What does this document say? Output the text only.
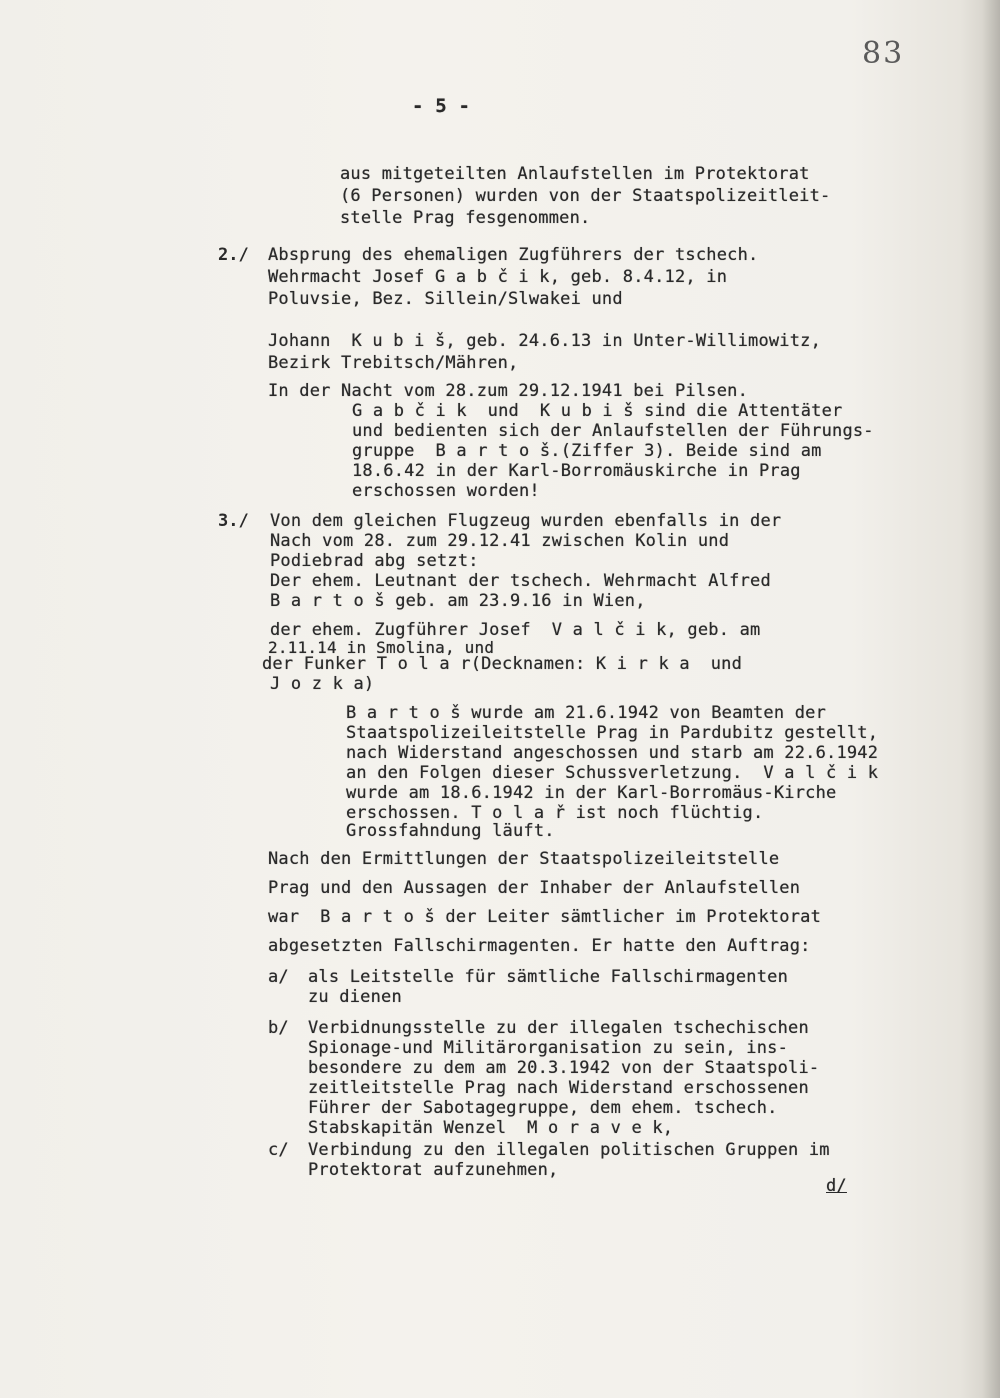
83
- 5 -
aus mitgeteilten Anlaufstellen im Protektorat
(6 Personen) wurden von der Staatspolizeitleit-
stelle Prag fesgenommen.
2./ Absprung des ehemaligen Zugführers der tschech.
Wehrmacht Josef G a b č i k, geb. 8.4.12, in
Poluvsie, Bez. Sillein/Slwakei und
Johann  K u b i š, geb. 24.6.13 in Unter-Willimowitz,
Bezirk Trebitsch/Mähren,
In der Nacht vom 28.zum 29.12.1941 bei Pilsen.
G a b č i k  und  K u b i š sind die Attentäter
und bedienten sich der Anlaufstellen der Führungs-
gruppe  B a r t o š.(Ziffer 3). Beide sind am
18.6.42 in der Karl-Borromäuskirche in Prag
erschossen worden!
3./ Von dem gleichen Flugzeug wurden ebenfalls in der
Nach vom 28. zum 29.12.41 zwischen Kolin und
Podiebrad abg setzt:
Der ehem. Leutnant der tschech. Wehrmacht Alfred
B a r t o š geb. am 23.9.16 in Wien,
der ehem. Zugführer Josef  V a l č i k, geb. am
2.11.14 in Smolina, und
der Funker T o l a r(Decknamen: K i r k a  und
J o z k a)
B a r t o š wurde am 21.6.1942 von Beamten der
Staatspolizeileitstelle Prag in Pardubitz gestellt,
nach Widerstand angeschossen und starb am 22.6.1942
an den Folgen dieser Schussverletzung.  V a l č i k
wurde am 18.6.1942 in der Karl-Borromäus-Kirche
erschossen. T o l a ř ist noch flüchtig.
Grossfahndung läuft.
Nach den Ermittlungen der Staatspolizeileitstelle
Prag und den Aussagen der Inhaber der Anlaufstellen
war  B a r t o š der Leiter sämtlicher im Protektorat
abgesetzten Fallschirmagenten. Er hatte den Auftrag:
a/ als Leitstelle für sämtliche Fallschirmagenten
zu dienen
b/ Verbidnungsstelle zu der illegalen tschechischen
Spionage-und Militärorganisation zu sein, ins-
besondere zu dem am 20.3.1942 von der Staatspoli-
zeitleitstelle Prag nach Widerstand erschossenen
Führer der Sabotagegruppe, dem ehem. tschech.
Stabskapitän Wenzel  M o r a v e k,
c/ Verbindung zu den illegalen politischen Gruppen im
Protektorat aufzunehmen,
d/
